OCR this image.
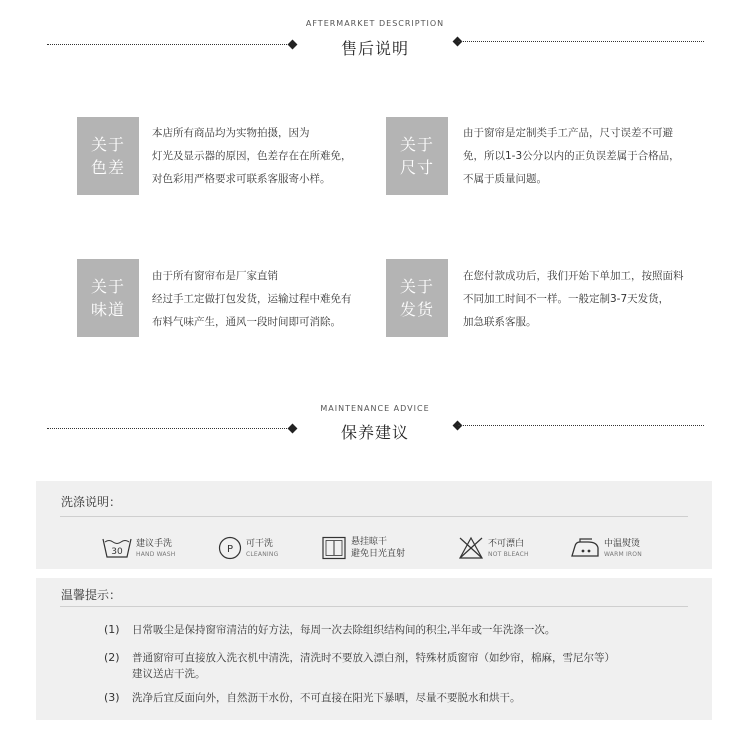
AFTERMARKET DESCRIPTION
售后说明
关于
色差
本店所有商品均为实物拍摄，因为
灯光及显示器的原因，色差存在在所难免，
对色彩用严格要求可联系客服寄小样。
关于
尺寸
由于窗帘是定制类手工产品，尺寸误差不可避
免，所以1-3公分以内的正负误差属于合格品，
不属于质量问题。
关于
味道
由于所有窗帘布是厂家直销
经过手工定做打包发货，运输过程中难免有
布料气味产生，通风一段时间即可消除。
关于
发货
在您付款成功后，我们开始下单加工，按照面料
不同加工时间不一样。一般定制3-7天发货，
加急联系客服。
MAINTENANCE ADVICE
保养建议
洗涤说明：
30
建议手洗
HAND WASH	P
可干洗
CLEANING
悬挂晾干
避免日光直射
不可漂白
NOT BLEACH
中温熨烫
WARM IRON
温馨提示：
(1) 日常吸尘是保持窗帘清洁的好方法，每周一次去除组织结构间的积尘,半年或一年洗涤一次。
(2) 普通窗帘可直接放入洗衣机中清洗，清洗时不要放入漂白剂，特殊材质窗帘（如纱帘，棉麻，雪尼尔等）
建议送店干洗。
(3) 洗净后宜反面向外，自然沥干水份，不可直接在阳光下暴晒，尽量不要脱水和烘干。
